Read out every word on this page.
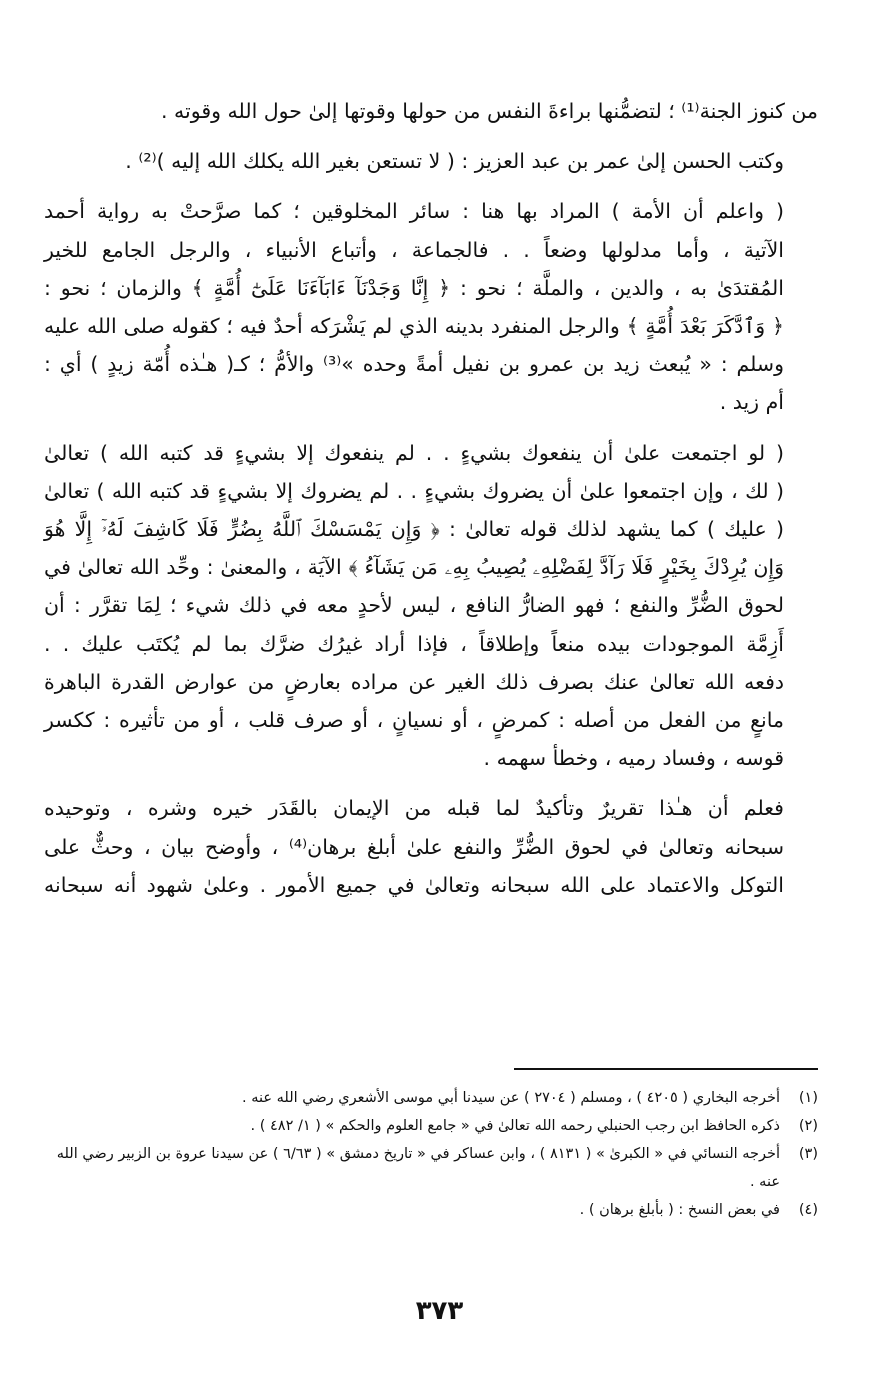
من كنوز الجنة⁽¹⁾ ؛ لتضمُّنها براءةَ النفس من حولها وقوتها إلىٰ حول الله وقوته .

وكتب الحسن إلىٰ عمر بن عبد العزيز : ( لا تستعن بغير الله يكلك الله إليه )⁽²⁾ .

( واعلم أن الأمة ) المراد بها هنا : سائر المخلوقين ؛ كما صرَّحتْ به رواية أحمد
الآتية ، وأما مدلولها وضعاً . . فالجماعة ، وأتباع الأنبياء ، والرجل الجامع للخير
المُقتدَىٰ به ، والدين ، والملَّة ؛ نحو : ﴿ إِنَّا وَجَدْنَآ ءَابَآءَنَا عَلَىٰٓ أُمَّةٍ ﴾ والزمان ؛ نحو :
﴿ وَٱدَّكَرَ بَعْدَ أُمَّةٍ ﴾ والرجل المنفرد بدينه الذي لم يَشْرَكه أحدٌ فيه ؛ كقوله صلى الله عليه
وسلم : « يُبعث زيد بن عمرو بن نفيل أمةً وحده »⁽³⁾ والأمُّ ؛ كـ( هـٰذه أُمّة زيدٍ ) أي :
أم زيد .

( لو اجتمعت علىٰ أن ينفعوك بشيءٍ . . لم ينفعوك إلا بشيءٍ قد كتبه الله ) تعالىٰ
( لك ، وإن اجتمعوا علىٰ أن يضروك بشيءٍ . . لم يضروك إلا بشيءٍ قد كتبه الله ) تعالىٰ
( عليك ) كما يشهد لذلك قوله تعالىٰ : ﴿ وَإِن يَمْسَسْكَ ٱللَّهُ بِضُرٍّ فَلَا كَاشِفَ لَهُۥٓ إِلَّا هُوَ
وَإِن يُرِدْكَ بِخَيْرٍ فَلَا رَآدَّ لِفَضْلِهِۦ يُصِيبُ بِهِۦ مَن يَشَآءُ ﴾ الآيَة ، والمعنىٰ : وحِّد الله تعالىٰ في
لحوق الضُّرِّ والنفع ؛ فهو الضارُّ النافع ، ليس لأحدٍ معه في ذلك شيء ؛ لِمَا تقرَّر : أن
أَزِمَّة الموجودات بيده منعاً وإطلاقاً ، فإذا أراد غيرُك ضرَّك بما لم يُكتَب عليك . .
دفعه الله تعالىٰ عنك بصرف ذلك الغير عن مراده بعارضٍ من عوارض القدرة الباهرة
مانعٍ من الفعل من أصله : كمرضٍ ، أو نسيانٍ ، أو صرف قلب ، أو من تأثيره : ككسر
قوسه ، وفساد رميه ، وخطأ سهمه .

فعلم أن هـٰذا تقريرٌ وتأكيدٌ لما قبله من الإيمان بالقَدَر خيره وشره ، وتوحيده
سبحانه وتعالىٰ في لحوق الضُّرِّ والنفع علىٰ أبلغ برهان⁽⁴⁾ ، وأوضح بيان ، وحثٌّ على
التوكل والاعتماد على الله سبحانه وتعالىٰ في جميع الأمور . وعلىٰ شهود أنه سبحانه

(١)
أخرجه البخاري ( ٤٢٠٥ ) ، ومسلم ( ٢٧٠٤ ) عن سيدنا أبي موسى الأشعري رضي الله عنه .
(٢)
ذكره الحافظ ابن رجب الحنبلي رحمه الله تعالىٰ في « جامع العلوم والحكم » ( ١/ ٤٨٢ ) .
(٣)
أخرجه النسائي في « الكبرىٰ » ( ٨١٣١ ) ، وابن عساكر في « تاريخ دمشق » ( ٦/٦٣ ) عن سيدنا عروة بن الزبير رضي الله عنه .
(٤)
في بعض النسخ : ( بأبلغ برهان ) .
٣٧٣
